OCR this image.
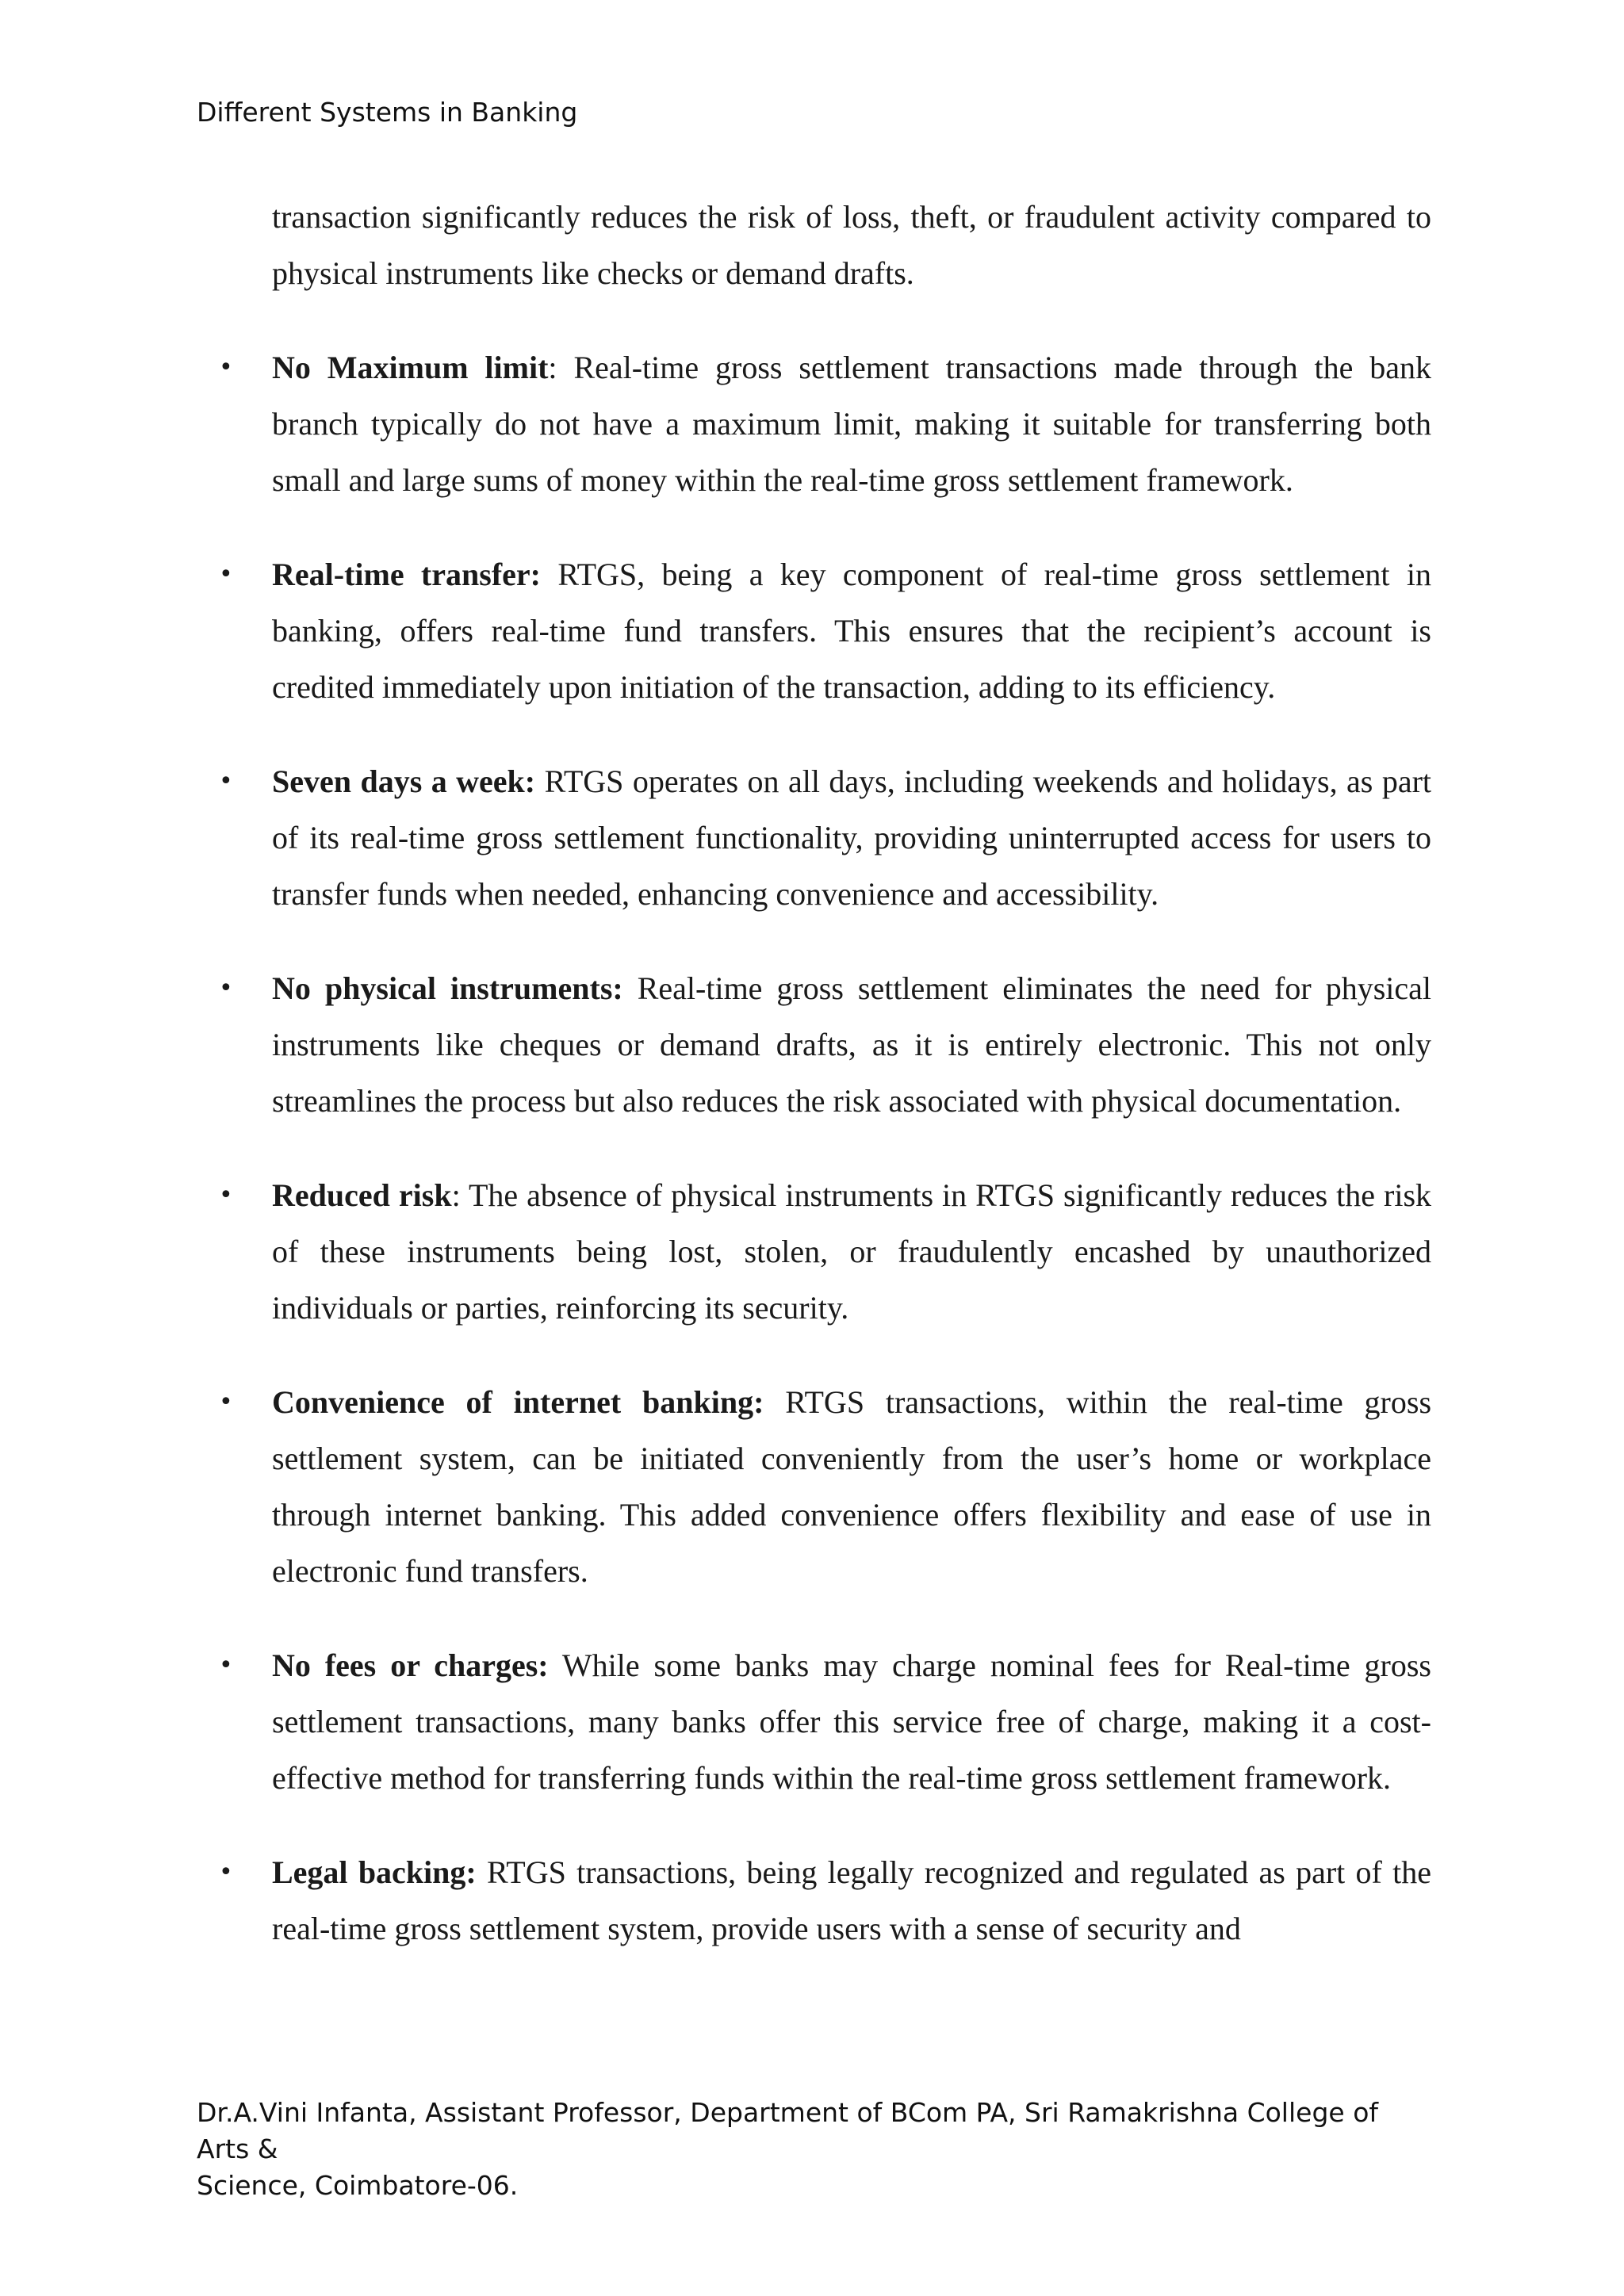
Different Systems in Banking

transaction significantly reduces the risk of loss, theft, or fraudulent activity compared to physical instruments like checks or demand drafts.

• No Maximum limit: Real-time gross settlement transactions made through the bank branch typically do not have a maximum limit, making it suitable for transferring both small and large sums of money within the real-time gross settlement framework.
• Real-time transfer: RTGS, being a key component of real-time gross settlement in banking, offers real-time fund transfers. This ensures that the recipient’s account is credited immediately upon initiation of the transaction, adding to its efficiency.
• Seven days a week: RTGS operates on all days, including weekends and holidays, as part of its real-time gross settlement functionality, providing uninterrupted access for users to transfer funds when needed, enhancing convenience and accessibility.
• No physical instruments: Real-time gross settlement eliminates the need for physical instruments like cheques or demand drafts, as it is entirely electronic. This not only streamlines the process but also reduces the risk associated with physical documentation.
• Reduced risk: The absence of physical instruments in RTGS significantly reduces the risk of these instruments being lost, stolen, or fraudulently encashed by unauthorized individuals or parties, reinforcing its security.
• Convenience of internet banking: RTGS transactions, within the real-time gross settlement system, can be initiated conveniently from the user’s home or workplace through internet banking. This added convenience offers flexibility and ease of use in electronic fund transfers.
• No fees or charges: While some banks may charge nominal fees for Real-time gross settlement transactions, many banks offer this service free of charge, making it a cost-effective method for transferring funds within the real-time gross settlement framework.
• Legal backing: RTGS transactions, being legally recognized and regulated as part of the real-time gross settlement system, provide users with a sense of security and
Dr.A.Vini Infanta, Assistant Professor, Department of BCom PA, Sri Ramakrishna College of Arts &
Science, Coimbatore-06.
